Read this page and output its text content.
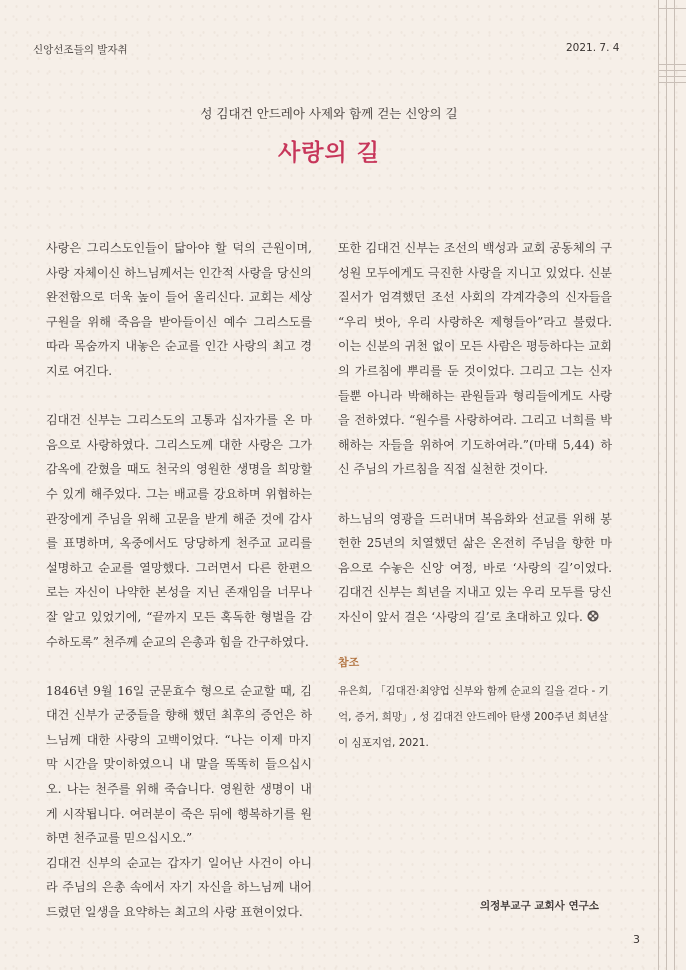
신앙선조들의 발자취	2021. 7. 4
성 김대건 안드레아 사제와 함께 걷는 신앙의 길
사랑의 길

사랑은 그리스도인들이 닮아야 할 덕의 근원이며, 사랑 자체이신 하느님께서는 인간적 사랑을 당신의 완전함으로 더욱 높이 들어 올리신다. 교회는 세상 구원을 위해 죽음을 받아들이신 예수 그리스도를 따라 목숨까지 내놓은 순교를 인간 사랑의 최고 경지로 여긴다.

김대건 신부는 그리스도의 고통과 십자가를 온 마음으로 사랑하였다. 그리스도께 대한 사랑은 그가 감옥에 갇혔을 때도 천국의 영원한 생명을 희망할 수 있게 해주었다. 그는 배교를 강요하며 위협하는 관장에게 주님을 위해 고문을 받게 해준 것에 감사를 표명하며, 옥중에서도 당당하게 천주교 교리를 설명하고 순교를 열망했다. 그러면서 다른 한편으로는 자신이 나약한 본성을 지닌 존재임을 너무나 잘 알고 있었기에, “끝까지 모든 혹독한 형벌을 감수하도록” 천주께 순교의 은총과 힘을 간구하였다.

1846년 9월 16일 군문효수 형으로 순교할 때, 김대건 신부가 군중들을 향해 했던 최후의 증언은 하느님께 대한 사랑의 고백이었다. “나는 이제 마지막 시간을 맞이하였으니 내 말을 똑똑히 들으십시오. 나는 천주를 위해 죽습니다. 영원한 생명이 내게 시작됩니다. 여러분이 죽은 뒤에 행복하기를 원하면 천주교를 믿으십시오.”

김대건 신부의 순교는 갑자기 일어난 사건이 아니라 주님의 은총 속에서 자기 자신을 하느님께 내어 드렸던 일생을 요약하는 최고의 사랑 표현이었다.

또한 김대건 신부는 조선의 백성과 교회 공동체의 구성원 모두에게도 극진한 사랑을 지니고 있었다. 신분 질서가 엄격했던 조선 사회의 각계각층의 신자들을 “우리 벗아, 우리 사랑하온 제형들아”라고 불렀다. 이는 신분의 귀천 없이 모든 사람은 평등하다는 교회의 가르침에 뿌리를 둔 것이었다. 그리고 그는 신자들뿐 아니라 박해하는 관원들과 형리들에게도 사랑을 전하였다. “원수를 사랑하여라. 그리고 너희를 박해하는 자들을 위하여 기도하여라.”(마태 5,44) 하신 주님의 가르침을 직접 실천한 것이다.

하느님의 영광을 드러내며 복음화와 선교를 위해 봉헌한 25년의 치열했던 삶은 온전히 주님을 향한 마음으로 수놓은 신앙 여정, 바로 ‘사랑의 길’이었다. 김대건 신부는 희년을 지내고 있는 우리 모두를 당신 자신이 앞서 걸은 ‘사랑의 길’로 초대하고 있다.

참조
유은희, 「김대건·최양업 신부와 함께 순교의 길을 걷다 - 기억, 증거, 희망」, 성 김대건 안드레아 탄생 200주년 희년살이 심포지엄, 2021.
의정부교구 교회사 연구소
3
